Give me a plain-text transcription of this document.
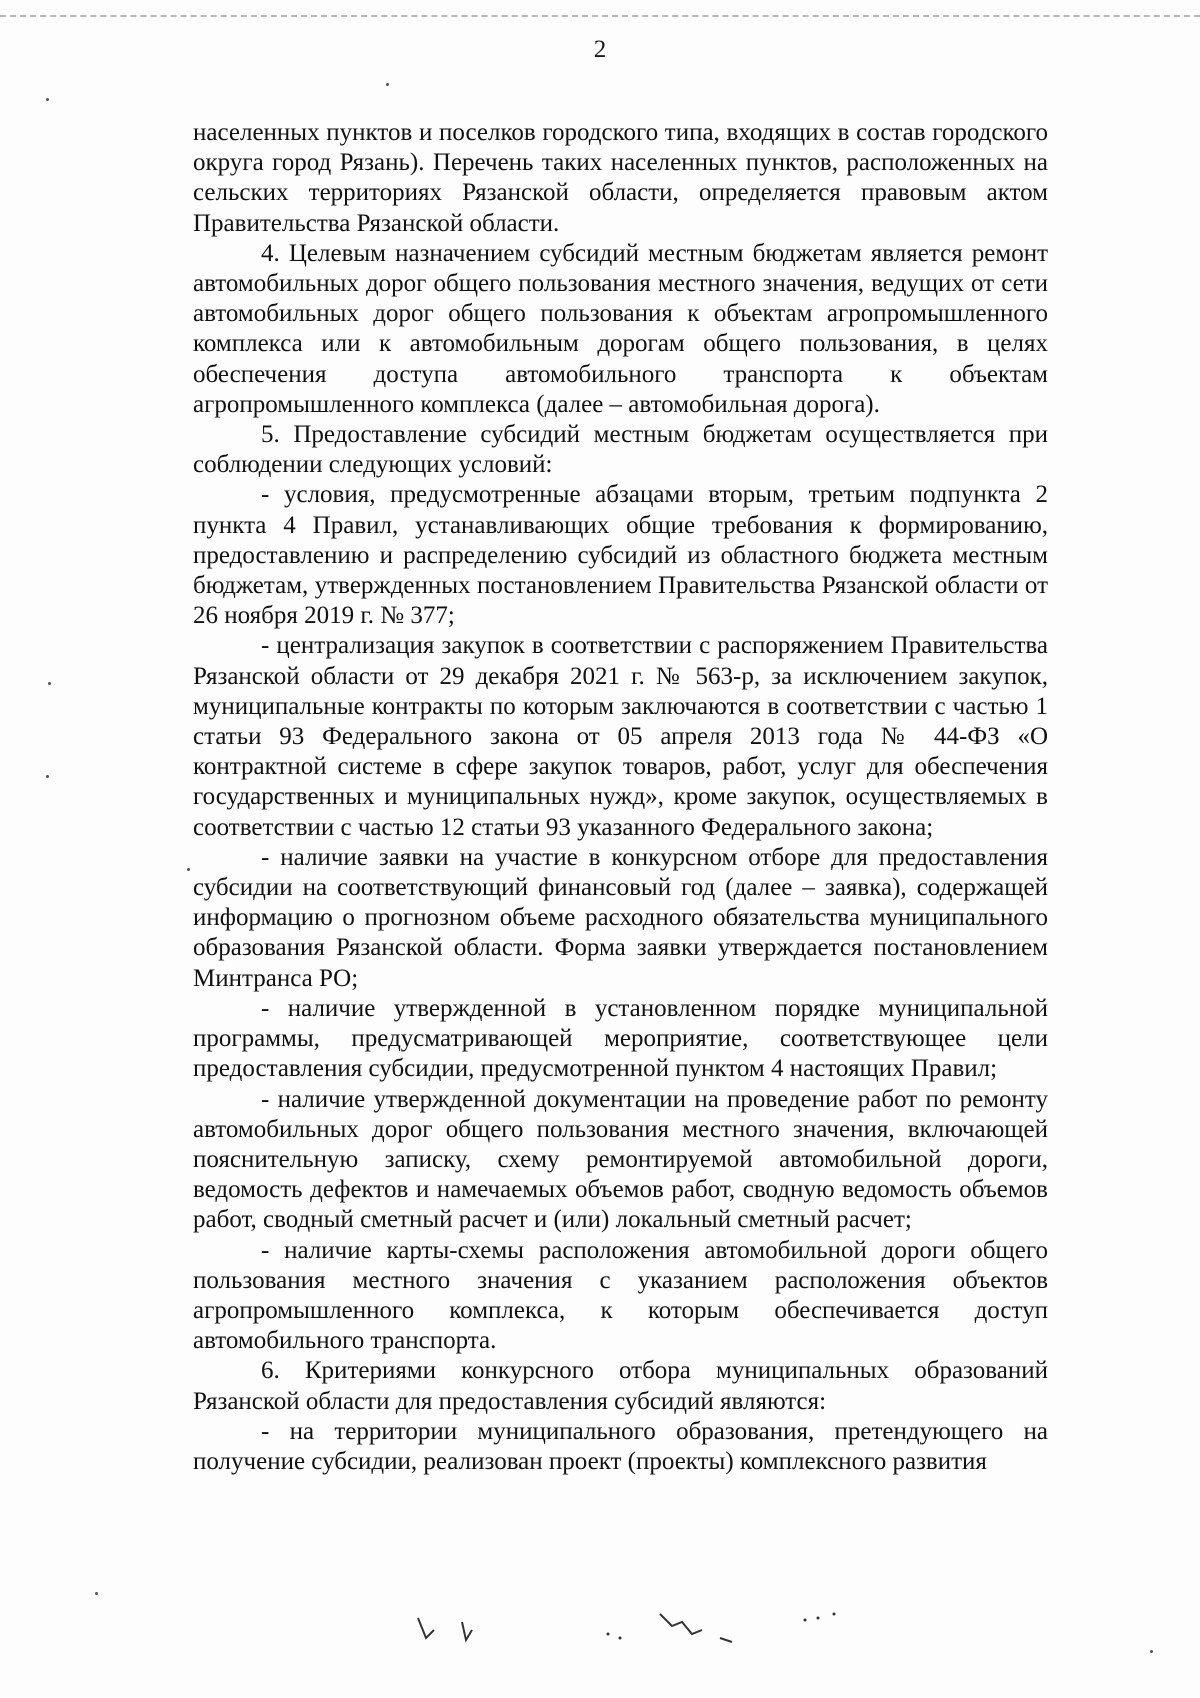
2

населенных пунктов и поселков городского типа, входящих в состав городского округа город Рязань). Перечень таких населенных пунктов, расположенных на сельских территориях Рязанской области, определяется правовым актом Правительства Рязанской области.

4. Целевым назначением субсидий местным бюджетам является ремонт автомобильных дорог общего пользования местного значения, ведущих от сети автомобильных дорог общего пользования к объектам агропромышленного комплекса или к автомобильным дорогам общего пользования, в целях обеспечения доступа автомобильного транспорта к объектам агропромышленного комплекса (далее – автомобильная дорога).

5. Предоставление субсидий местным бюджетам осуществляется при соблюдении следующих условий:

- условия, предусмотренные абзацами вторым, третьим подпункта 2 пункта 4 Правил, устанавливающих общие требования к формированию, предоставлению и распределению субсидий из областного бюджета местным бюджетам, утвержденных постановлением Правительства Рязанской области от 26 ноября 2019 г. № 377;

- централизация закупок в соответствии с распоряжением Правительства Рязанской области от 29 декабря 2021 г. № 563-р, за исключением закупок, муниципальные контракты по которым заключаются в соответствии с частью 1 статьи 93 Федерального закона от 05 апреля 2013 года № 44-ФЗ «О контрактной системе в сфере закупок товаров, работ, услуг для обеспечения государственных и муниципальных нужд», кроме закупок, осуществляемых в соответствии с частью 12 статьи 93 указанного Федерального закона;

- наличие заявки на участие в конкурсном отборе для предоставления субсидии на соответствующий финансовый год (далее – заявка), содержащей информацию о прогнозном объеме расходного обязательства муниципального образования Рязанской области. Форма заявки утверждается постановлением Минтранса РО;

- наличие утвержденной в установленном порядке муниципальной программы, предусматривающей мероприятие, соответствующее цели предоставления субсидии, предусмотренной пунктом 4 настоящих Правил;

- наличие утвержденной документации на проведение работ по ремонту автомобильных дорог общего пользования местного значения, включающей пояснительную записку, схему ремонтируемой автомобильной дороги, ведомость дефектов и намечаемых объемов работ, сводную ведомость объемов работ, сводный сметный расчет и (или) локальный сметный расчет;

- наличие карты-схемы расположения автомобильной дороги общего пользования местного значения с указанием расположения объектов агропромышленного комплекса, к которым обеспечивается доступ автомобильного транспорта.

6. Критериями конкурсного отбора муниципальных образований Рязанской области для предоставления субсидий являются:

- на территории муниципального образования, претендующего на получение субсидии, реализован проект (проекты) комплексного развития
